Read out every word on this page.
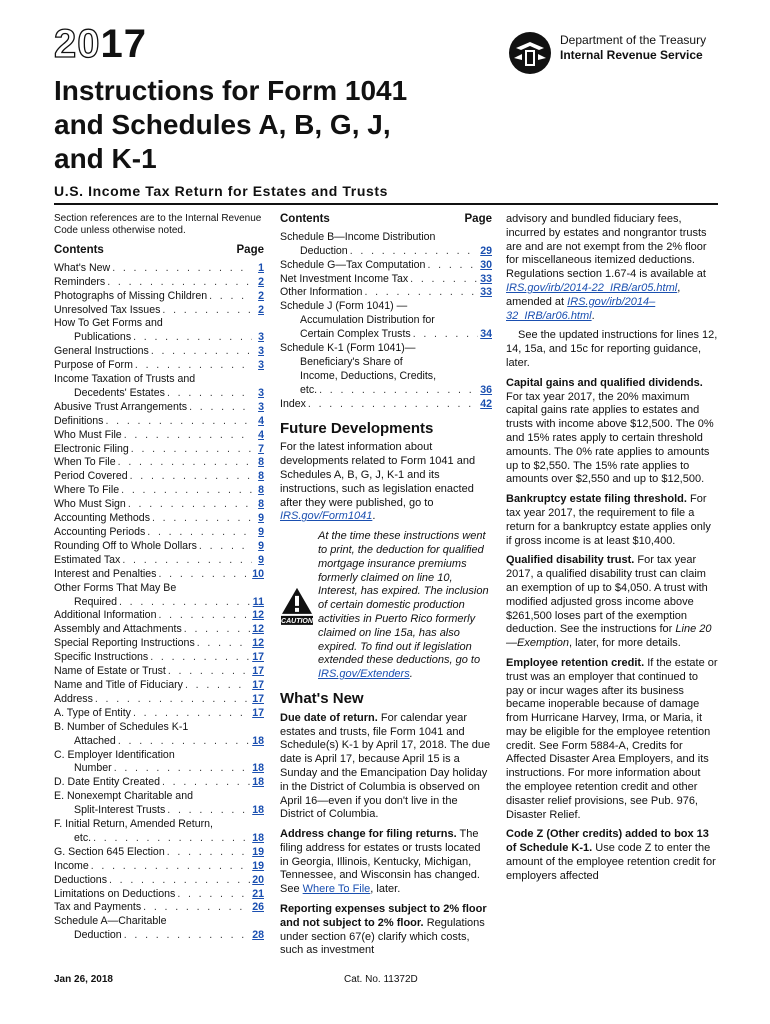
2017	Department of the Treasury
Internal Revenue Service
Instructions for Form 1041
and Schedules A, B, G, J,
and K-1
U.S. Income Tax Return for Estates and Trusts
Section references are to the Internal Revenue Code unless otherwise noted.
Contents	Page
What's New . . .	1
Reminders . . .	2
Photographs of Missing Children . . .	2
Unresolved Tax Issues . . .	2
How To Get Forms and
Publications . . .	3
General Instructions . . .	3
Purpose of Form . . .	3
Income Taxation of Trusts and
Decedents' Estates . . .	3
Abusive Trust Arrangements . . .	3
Definitions . . .	4
Who Must File . . .	4
Electronic Filing . . .	7
When To File . . .	8
Period Covered . . .	8
Where To File . . .	8
Who Must Sign . . .	8
Accounting Methods . . .	9
Accounting Periods . . .	9
Rounding Off to Whole Dollars . . .	9
Estimated Tax . . .	9
Interest and Penalties . . .	10
Other Forms That May Be
Required . . .	11
Additional Information . . .	12
Assembly and Attachments . . .	12
Special Reporting Instructions . . .	12
Specific Instructions . . .	17
Name of Estate or Trust . . .	17
Name and Title of Fiduciary . . .	17
Address . . .	17
A. Type of Entity . . .	17
B. Number of Schedules K-1
Attached . . .	18
C. Employer Identification
Number . . .	18
D. Date Entity Created . . .	18
E. Nonexempt Charitable and
Split-Interest Trusts . . .	18
F. Initial Return, Amended Return,
etc. . . .	18
G. Section 645 Election . . .	19
Income . . .	19
Deductions . . .	20
Limitations on Deductions . . .	21
Tax and Payments . . .	26
Schedule A—Charitable
Deduction . . .	28
Contents	Page
Schedule B—Income Distribution
Deduction . . .	29
Schedule G—Tax Computation . . .	30
Net Investment Income Tax . . .	33
Other Information . . .	33
Schedule J (Form 1041) —
Accumulation Distribution for
Certain Complex Trusts . . .	34
Schedule K-1 (Form 1041)—
Beneficiary's Share of
Income, Deductions, Credits,
etc. . . .	36
Index . . .	42
Future Developments
For the latest information about developments related to Form 1041 and Schedules A, B, G, J, K-1 and its instructions, such as legislation enacted after they were published, go to IRS.gov/Form1041.
CAUTION
At the time these instructions went to print, the deduction for qualified mortgage insurance premiums formerly claimed on line 10, Interest, has expired. The inclusion of certain domestic production activities in Puerto Rico formerly claimed on line 15a, has also expired. To find out if legislation extended these deductions, go to IRS.gov/Extenders.
What's New
Due date of return. For calendar year estates and trusts, file Form 1041 and Schedule(s) K-1 by April 17, 2018. The due date is April 17, because April 15 is a Sunday and the Emancipation Day holiday in the District of Columbia is observed on April 16—even if you don't live in the District of Columbia.
Address change for filing returns. The filing address for estates or trusts located in Georgia, Illinois, Kentucky, Michigan, Tennessee, and Wisconsin has changed. See Where To File, later.
Reporting expenses subject to 2% floor and not subject to 2% floor. Regulations under section 67(e) clarify which costs, such as investment
advisory and bundled fiduciary fees, incurred by estates and nongrantor trusts are and are not exempt from the 2% floor for miscellaneous itemized deductions. Regulations section 1.67-4 is available at IRS.gov/irb/2014-22_IRB/ar05.html, amended at IRS.gov/irb/2014–32_IRB/ar06.html.
See the updated instructions for lines 12, 14, 15a, and 15c for reporting guidance, later.
Capital gains and qualified dividends. For tax year 2017, the 20% maximum capital gains rate applies to estates and trusts with income above $12,500. The 0% and 15% rates apply to certain threshold amounts. The 0% rate applies to amounts up to $2,550. The 15% rate applies to amounts over $2,550 and up to $12,500.
Bankruptcy estate filing threshold. For tax year 2017, the requirement to file a return for a bankruptcy estate applies only if gross income is at least $10,400.
Qualified disability trust. For tax year 2017, a qualified disability trust can claim an exemption of up to $4,050. A trust with modified adjusted gross income above $261,500 loses part of the exemption deduction. See the instructions for Line 20—Exemption, later, for more details.
Employee retention credit. If the estate or trust was an employer that continued to pay or incur wages after its business became inoperable because of damage from Hurricane Harvey, Irma, or Maria, it may be eligible for the employee retention credit. See Form 5884-A, Credits for Affected Disaster Area Employers, and its instructions. For more information about the employee retention credit and other disaster relief provisions, see Pub. 976, Disaster Relief.
Code Z (Other credits) added to box 13 of Schedule K-1. Use code Z to enter the amount of the employee retention credit for employers affected
Jan 26, 2018	Cat. No. 11372D
